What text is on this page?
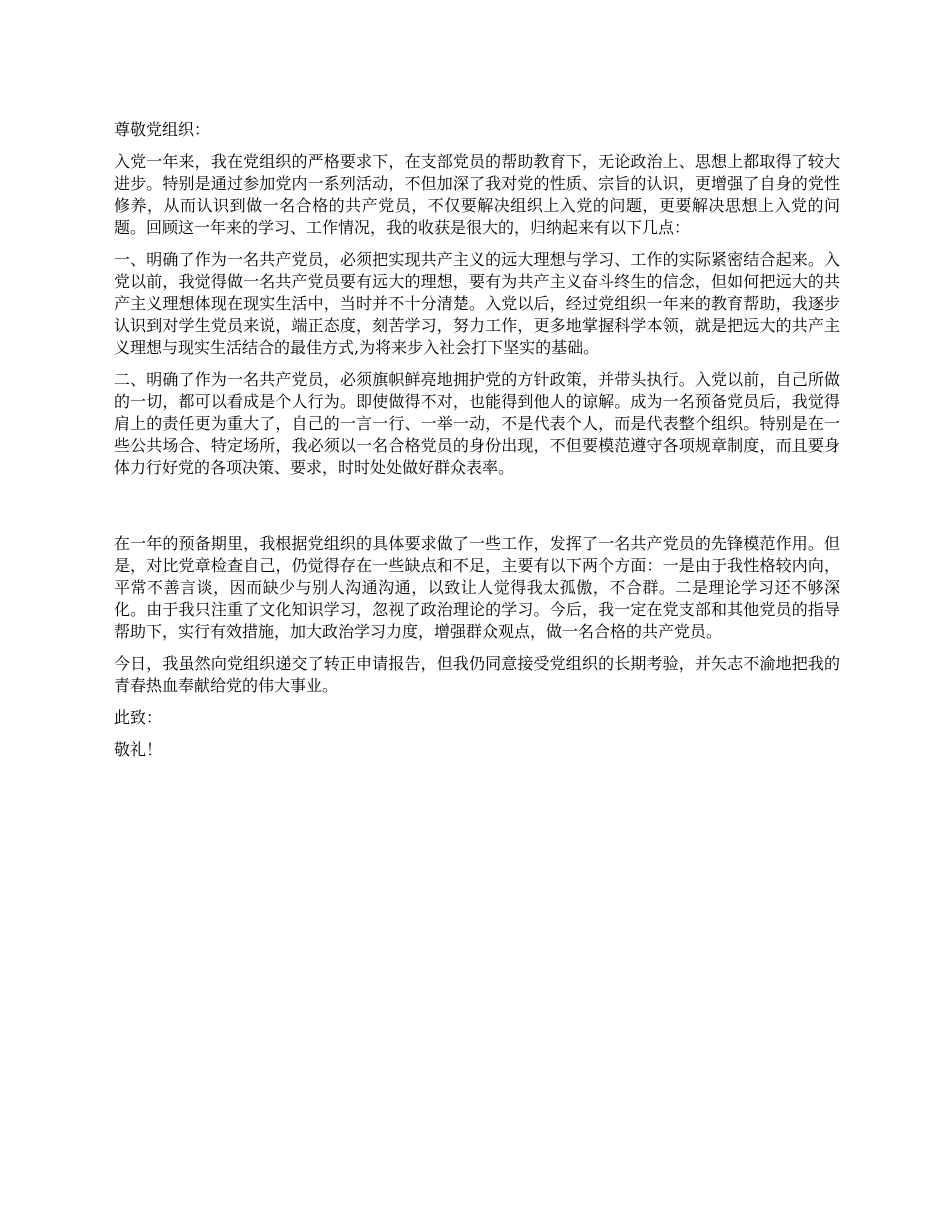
尊敬党组织：

入党一年来，我在党组织的严格要求下，在支部党员的帮助教育下，无论政治上、思想上都取得了较大进步。特别是通过参加党内一系列活动，不但加深了我对党的性质、宗旨的认识，更增强了自身的党性修养，从而认识到做一名合格的共产党员，不仅要解决组织上入党的问题，更要解决思想上入党的问题。回顾这一年来的学习、工作情况，我的收获是很大的，归纳起来有以下几点：

一、明确了作为一名共产党员，必须把实现共产主义的远大理想与学习、工作的实际紧密结合起来。入党以前，我觉得做一名共产党员要有远大的理想，要有为共产主义奋斗终生的信念，但如何把远大的共产主义理想体现在现实生活中，当时并不十分清楚。入党以后，经过党组织一年来的教育帮助，我逐步认识到对学生党员来说，端正态度，刻苦学习，努力工作，更多地掌握科学本领，就是把远大的共产主义理想与现实生活结合的最佳方式,为将来步入社会打下坚实的基础。

二、明确了作为一名共产党员，必须旗帜鲜亮地拥护党的方针政策，并带头执行。入党以前，自己所做的一切，都可以看成是个人行为。即使做得不对，也能得到他人的谅解。成为一名预备党员后，我觉得肩上的责任更为重大了，自己的一言一行、一举一动，不是代表个人，而是代表整个组织。特别是在一些公共场合、特定场所，我必须以一名合格党员的身份出现，不但要模范遵守各项规章制度，而且要身体力行好党的各项决策、要求，时时处处做好群众表率。

在一年的预备期里，我根据党组织的具体要求做了一些工作，发挥了一名共产党员的先锋模范作用。但是，对比党章检查自己，仍觉得存在一些缺点和不足，主要有以下两个方面：一是由于我性格较内向，平常不善言谈，因而缺少与别人沟通沟通，以致让人觉得我太孤傲，不合群。二是理论学习还不够深化。由于我只注重了文化知识学习，忽视了政治理论的学习。今后，我一定在党支部和其他党员的指导帮助下，实行有效措施，加大政治学习力度，增强群众观点，做一名合格的共产党员。

今日，我虽然向党组织递交了转正申请报告，但我仍同意接受党组织的长期考验，并矢志不渝地把我的青春热血奉献给党的伟大事业。

此致：

敬礼！
